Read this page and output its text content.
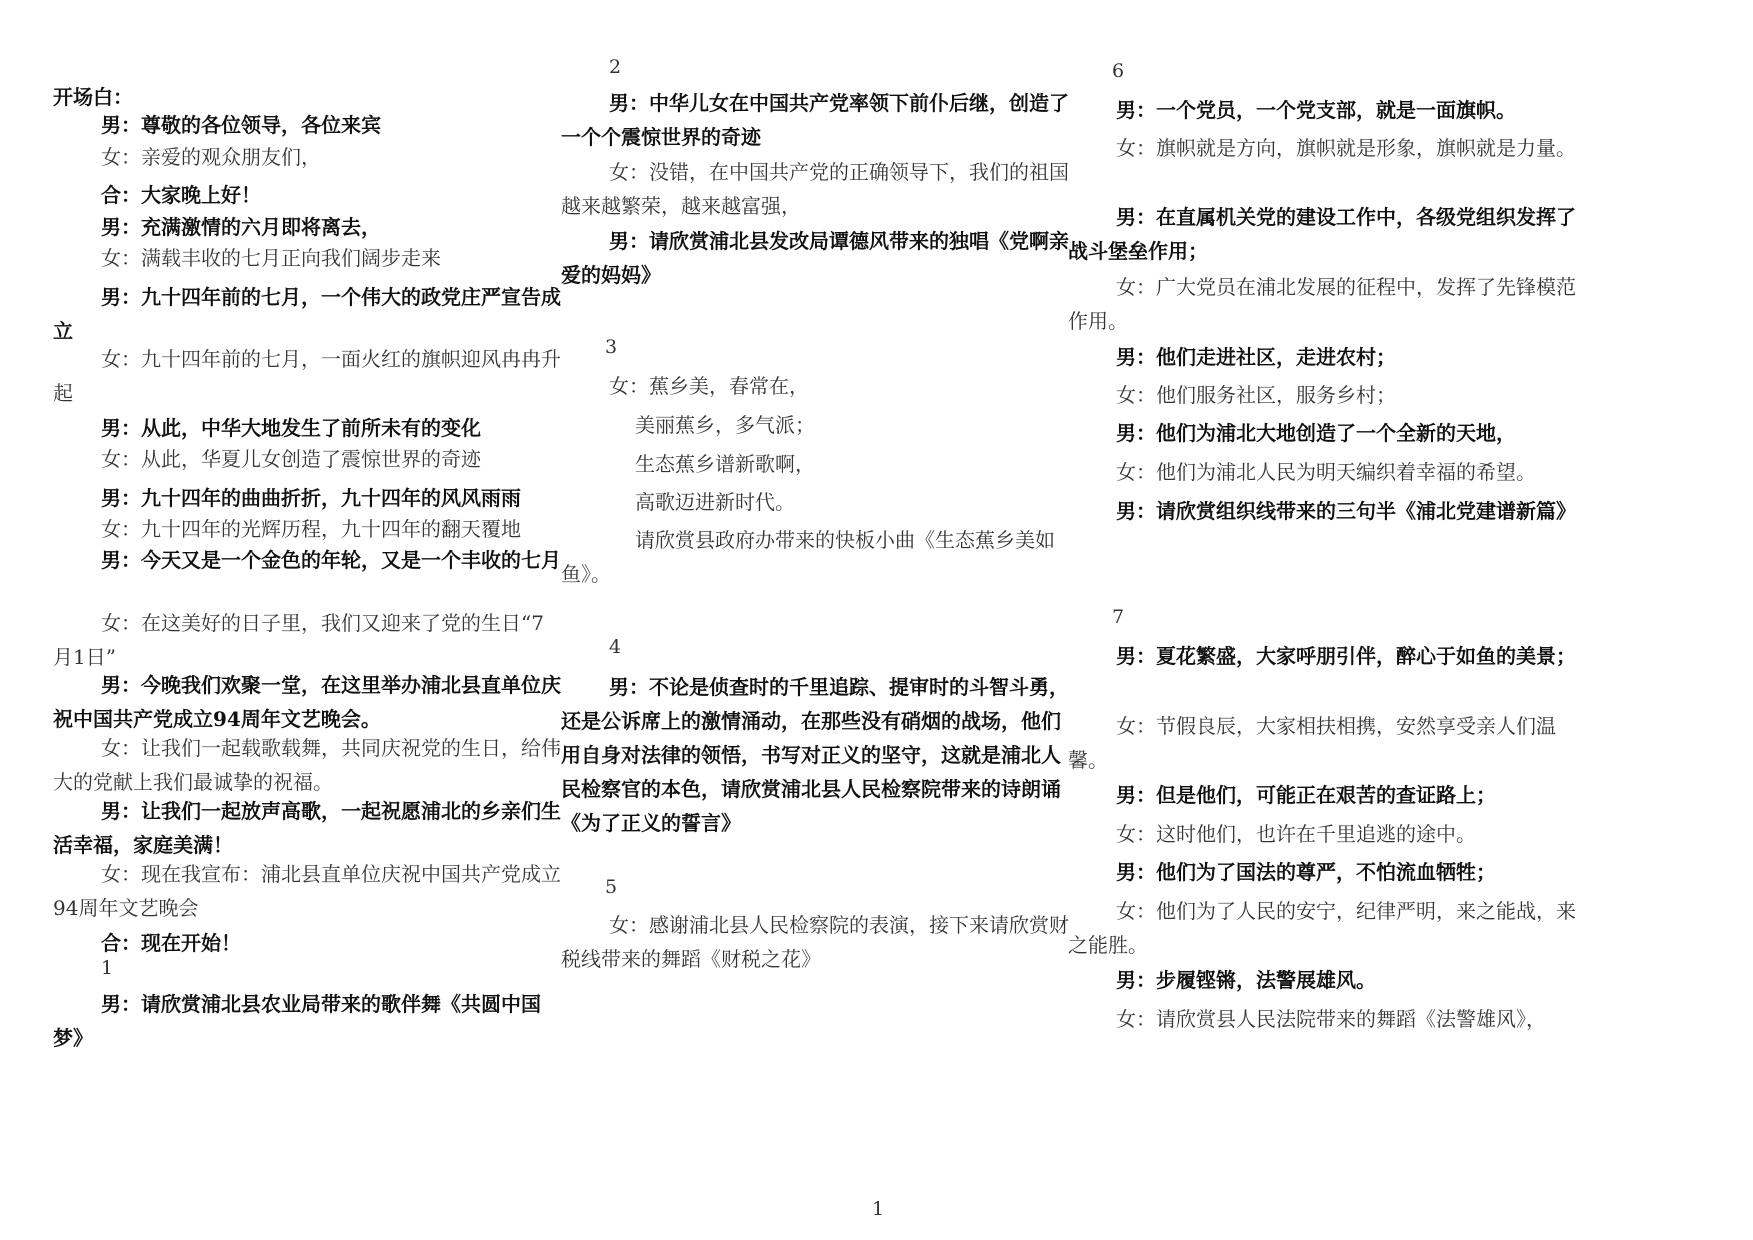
开场白：

男：尊敬的各位领导，各位来宾

女：亲爱的观众朋友们，

合：大家晚上好！

男：充满激情的六月即将离去，

女：满载丰收的七月正向我们阔步走来

男：九十四年前的七月，一个伟大的政党庄严宣告成立

女：九十四年前的七月，一面火红的旗帜迎风冉冉升起

男：从此，中华大地发生了前所未有的变化

女：从此，华夏儿女创造了震惊世界的奇迹

男：九十四年的曲曲折折，九十四年的风风雨雨

女：九十四年的光辉历程，九十四年的翻天覆地

男：今天又是一个金色的年轮，又是一个丰收的七月

女：在这美好的日子里，我们又迎来了党的生日“7月1日”

男：今晚我们欢聚一堂，在这里举办浦北县直单位庆祝中国共产党成立94周年文艺晚会。

女：让我们一起载歌载舞，共同庆祝党的生日，给伟大的党献上我们最诚挚的祝福。

男：让我们一起放声高歌，一起祝愿浦北的乡亲们生活幸福，家庭美满！

女：现在我宣布：浦北县直单位庆祝中国共产党成立94周年文艺晚会

合：现在开始！

1

男：请欣赏浦北县农业局带来的歌伴舞《共圆中国梦》

2

男：中华儿女在中国共产党率领下前仆后继，创造了一个个震惊世界的奇迹

女：没错，在中国共产党的正确领导下，我们的祖国越来越繁荣，越来越富强，

男：请欣赏浦北县发改局谭德风带来的独唱《党啊亲爱的妈妈》

3

女：蕉乡美，春常在，

美丽蕉乡，多气派；

生态蕉乡谱新歌啊，

高歌迈进新时代。

请欣赏县政府办带来的快板小曲《生态蕉乡美如鱼》。

4

男：不论是侦查时的千里追踪、提审时的斗智斗勇，还是公诉席上的激情涌动，在那些没有硝烟的战场，他们用自身对法律的领悟，书写对正义的坚守，这就是浦北人民检察官的本色，请欣赏浦北县人民检察院带来的诗朗诵《为了正义的誓言》

5

女：感谢浦北县人民检察院的表演，接下来请欣赏财税线带来的舞蹈《财税之花》

6

男：一个党员，一个党支部，就是一面旗帜。

女：旗帜就是方向，旗帜就是形象，旗帜就是力量。

男：在直属机关党的建设工作中，各级党组织发挥了战斗堡垒作用；

女：广大党员在浦北发展的征程中，发挥了先锋模范作用。

男：他们走进社区，走进农村；

女：他们服务社区，服务乡村；

男：他们为浦北大地创造了一个全新的天地，

女：他们为浦北人民为明天编织着幸福的希望。

男：请欣赏组织线带来的三句半《浦北党建谱新篇》

7

男：夏花繁盛，大家呼朋引伴，醉心于如鱼的美景；

女：节假良辰，大家相扶相携，安然享受亲人们温馨。

男：但是他们，可能正在艰苦的查证路上；

女：这时他们，也许在千里追逃的途中。

男：他们为了国法的尊严，不怕流血牺牲；

女：他们为了人民的安宁，纪律严明，来之能战，来之能胜。

男：步履铿锵，法警展雄风。

女：请欣赏县人民法院带来的舞蹈《法警雄风》，

1
